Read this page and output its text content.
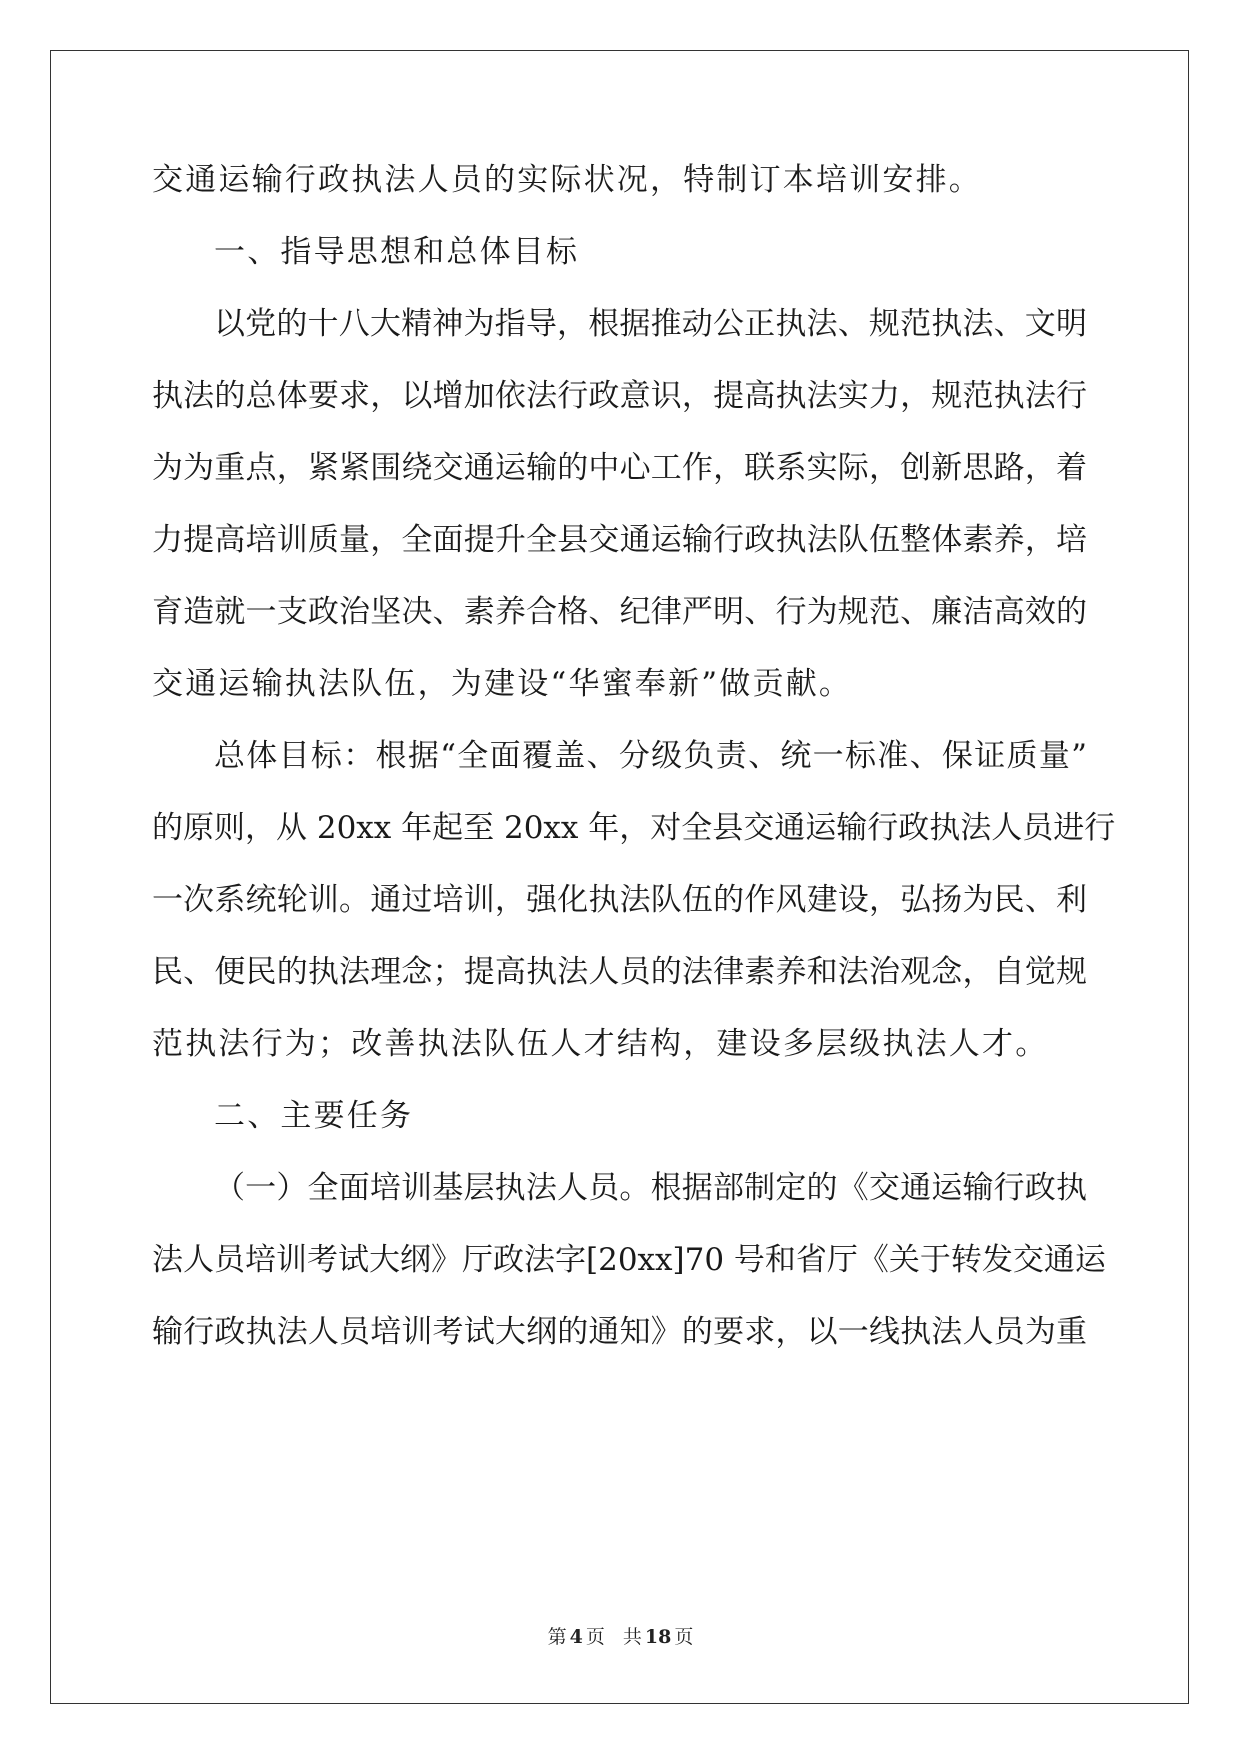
交通运输行政执法人员的实际状况，特制订本培训安排。
一、指导思想和总体目标
以党的十八大精神为指导，根据推动公正执法、规范执法、文明
执法的总体要求，以增加依法行政意识，提高执法实力，规范执法行
为为重点，紧紧围绕交通运输的中心工作，联系实际，创新思路，着
力提高培训质量，全面提升全县交通运输行政执法队伍整体素养，培
育造就一支政治坚决、素养合格、纪律严明、行为规范、廉洁高效的
交通运输执法队伍，为建设“华蜜奉新”做贡献。
总体目标：根据“全面覆盖、分级负责、统一标准、保证质量”
的原则，从 20xx 年起至 20xx 年，对全县交通运输行政执法人员进行
一次系统轮训。通过培训，强化执法队伍的作风建设，弘扬为民、利
民、便民的执法理念；提高执法人员的法律素养和法治观念，自觉规
范执法行为；改善执法队伍人才结构，建设多层级执法人才。
二、主要任务
（一）全面培训基层执法人员。根据部制定的《交通运输行政执
法人员培训考试大纲》厅政法字[20xx]70 号和省厅《关于转发交通运
输行政执法人员培训考试大纲的通知》的要求，以一线执法人员为重
第 4 页 共 18 页
